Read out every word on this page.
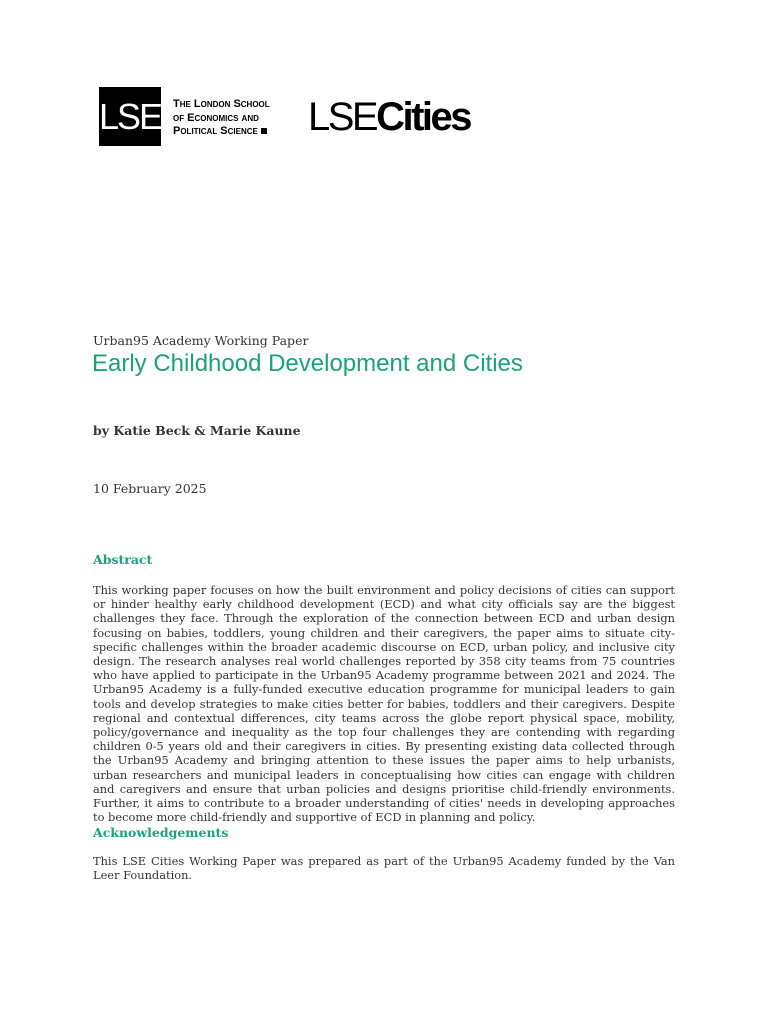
LSE The London School
of Economics and
Political Science LSECities
Urban95 Academy Working Paper
Early Childhood Development and Cities
by Katie Beck & Marie Kaune
10 February 2025
Abstract

This working paper focuses on how the built environment and policy decisions of cities can support or hinder healthy early childhood development (ECD) and what city officials say are the biggest challenges they face. Through the exploration of the connection between ECD and urban design focusing on babies, toddlers, young children and their caregivers, the paper aims to situate city-specific challenges within the broader academic discourse on ECD, urban policy, and inclusive city design. The research analyses real world challenges reported by 358 city teams from 75 countries who have applied to participate in the Urban95 Academy programme between 2021 and 2024. The Urban95 Academy is a fully-funded executive education programme for municipal leaders to gain tools and develop strategies to make cities better for babies, toddlers and their caregivers. Despite regional and contextual differences, city teams across the globe report physical space, mobility, policy/governance and inequality as the top four challenges they are contending with regarding children 0-5 years old and their caregivers in cities. By presenting existing data collected through the Urban95 Academy and bringing attention to these issues the paper aims to help urbanists, urban researchers and municipal leaders in conceptualising how cities can engage with children and caregivers and ensure that urban policies and designs prioritise child-friendly environments. Further, it aims to contribute to a broader understanding of cities' needs in developing approaches to become more child-friendly and supportive of ECD in planning and policy.

Acknowledgements

This LSE Cities Working Paper was prepared as part of the Urban95 Academy funded by the Van Leer Foundation.
